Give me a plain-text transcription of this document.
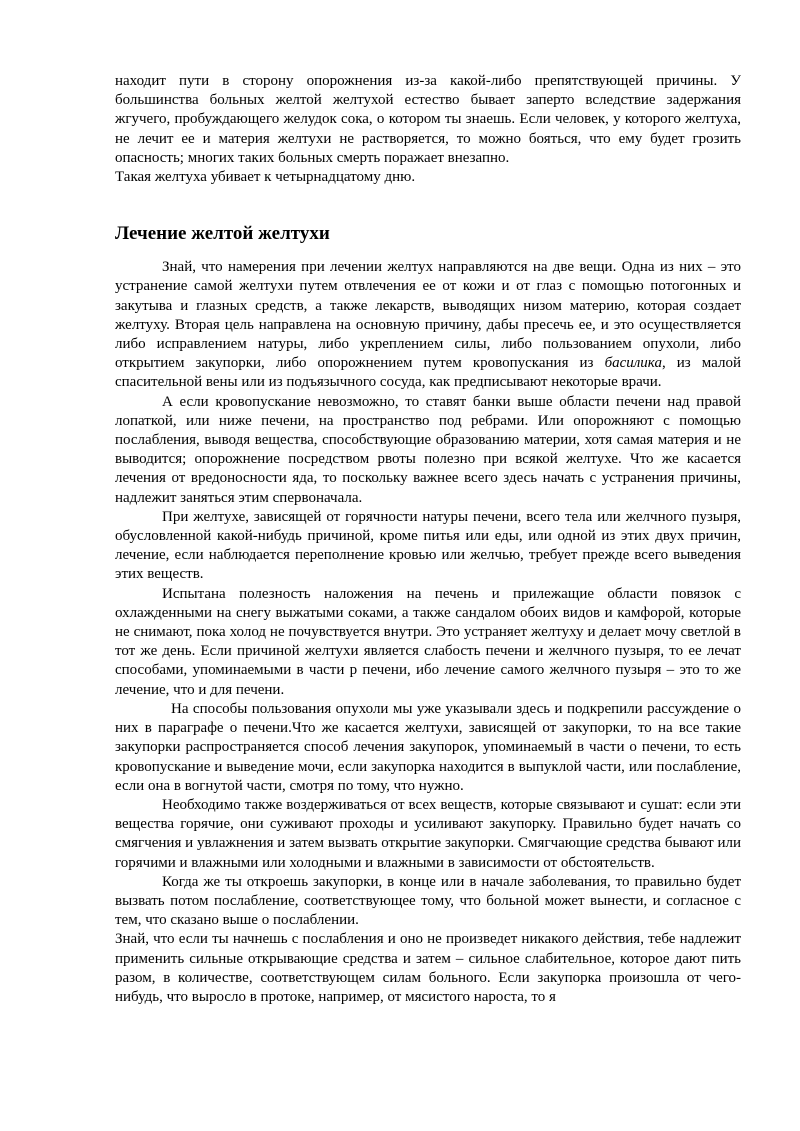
находит пути в сторону опорожнения из-за какой-либо препятствующей причины. У большинства больных желтой желтухой естество бывает заперто вследствие задержания жгучего, пробуждающего желудок сока, о котором ты знаешь. Если человек, у которого желтуха, не лечит ее и материя желтухи не растворяется, то можно бояться, что ему будет грозить опасность; многих таких больных смерть поражает внезапно.

Такая желтуха убивает к четырнадцатому дню.

Лечение желтой желтухи

Знай, что намерения при лечении желтух направляются на две вещи. Одна из них – это устранение самой желтухи путем отвлечения ее от кожи и от глаз с помощью потогонных и закутыва и глазных средств, а также лекарств, выводящих низом материю, которая создает желтуху. Вторая цель направлена на основную причину, дабы пресечь ее, и это осуществляется либо исправлением натуры, либо укреплением силы, либо пользованием опухоли, либо открытием закупорки, либо опорожнением путем кровопускания из басилика, из малой спасительной вены или из подъязычного сосуда, как предписывают некоторые врачи.

А если кровопускание невозможно, то ставят банки выше области печени над правой лопаткой, или ниже печени, на пространство под ребрами. Или опорожняют с помощью послабления, выводя вещества, способствующие образованию материи, хотя самая материя и не выводится; опорожнение посредством рвоты полезно при всякой желтухе. Что же касается лечения от вредоносности яда, то поскольку важнее всего здесь начать с устранения причины, надлежит заняться этим спервоначала.

При желтухе, зависящей от горячности натуры печени, всего тела или желчного пузыря, обусловленной какой-нибудь причиной, кроме питья или еды, или одной из этих двух причин, лечение, если наблюдается переполнение кровью или желчью, требует прежде всего выведения этих веществ.

Испытана полезность наложения на печень и прилежащие области повязок с охлажденными на снегу выжатыми соками, а также сандалом обоих видов и камфорой, которые не снимают, пока холод не почувствуется внутри. Это устраняет желтуху и делает мочу светлой в тот же день. Если причиной желтухи является слабость печени и желчного пузыря, то ее лечат способами, упоминаемыми в части р печени, ибо лечение самого желчного пузыря – это то же лечение, что и для печени.

На способы пользования опухоли мы уже указывали здесь и подкрепили рассуждение о них в параграфе о печени.Что же касается желтухи, зависящей от закупорки, то на все такие закупорки распространяется способ лечения закупорок, упоминаемый в части о печени, то есть кровопускание и выведение мочи, если закупорка находится в выпуклой части, или послабление, если она в вогнутой части, смотря по тому, что нужно.

Необходимо также воздерживаться от всех веществ, которые связывают и сушат: если эти вещества горячие, они суживают проходы и усиливают закупорку. Правильно будет начать со смягчения и увлажнения и затем вызвать открытие закупорки. Смягчающие средства бывают или горячими и влажными или холодными и влажными в зависимости от обстоятельств.

Когда же ты откроешь закупорки, в конце или в начале заболевания, то правильно будет вызвать потом послабление, соответствующее тому, что больной может вынести, и согласное с тем, что сказано выше о послаблении.

Знай, что если ты начнешь с послабления и оно не произведет никакого действия, тебе надлежит применить сильные открывающие средства и затем – сильное слабительное, которое дают пить разом, в количестве, соответствующем силам больного. Если закупорка произошла от чего-нибудь, что выросло в протоке, например, от мясистого нароста, то я
